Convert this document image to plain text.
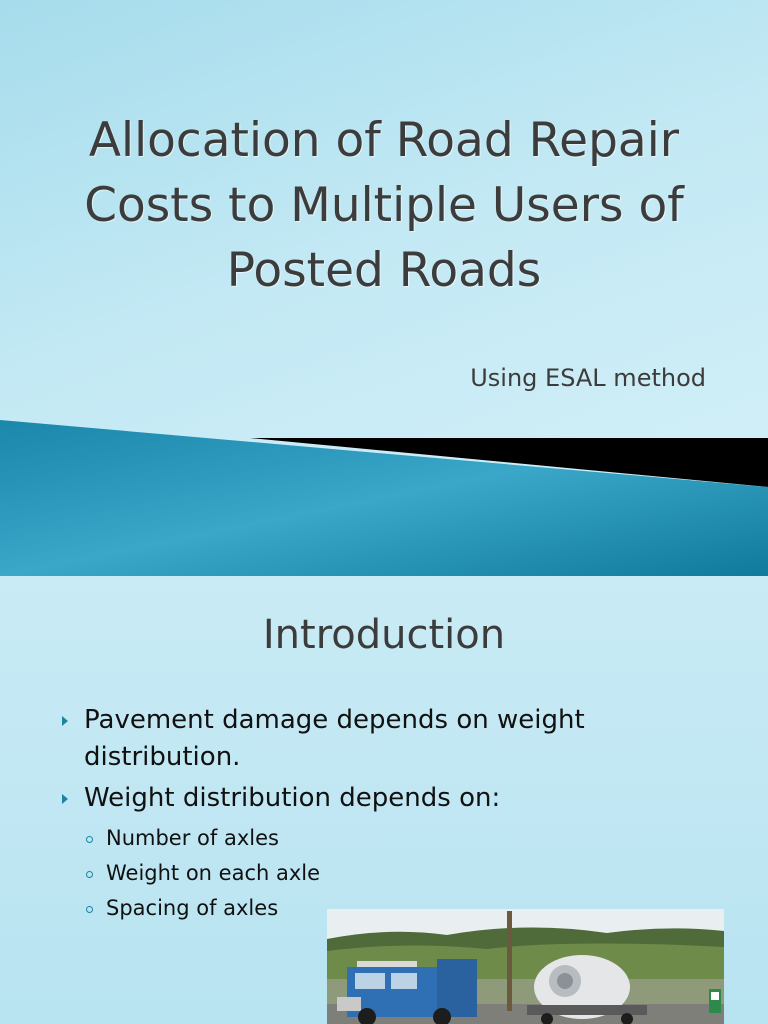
Allocation of Road Repair
Costs to Multiple Users of
Posted Roads
Using ESAL method
Introduction
Pavement damage depends on weight
distribution.
Weight distribution depends on:
Number of axles
Weight on each axle
Spacing of axles
